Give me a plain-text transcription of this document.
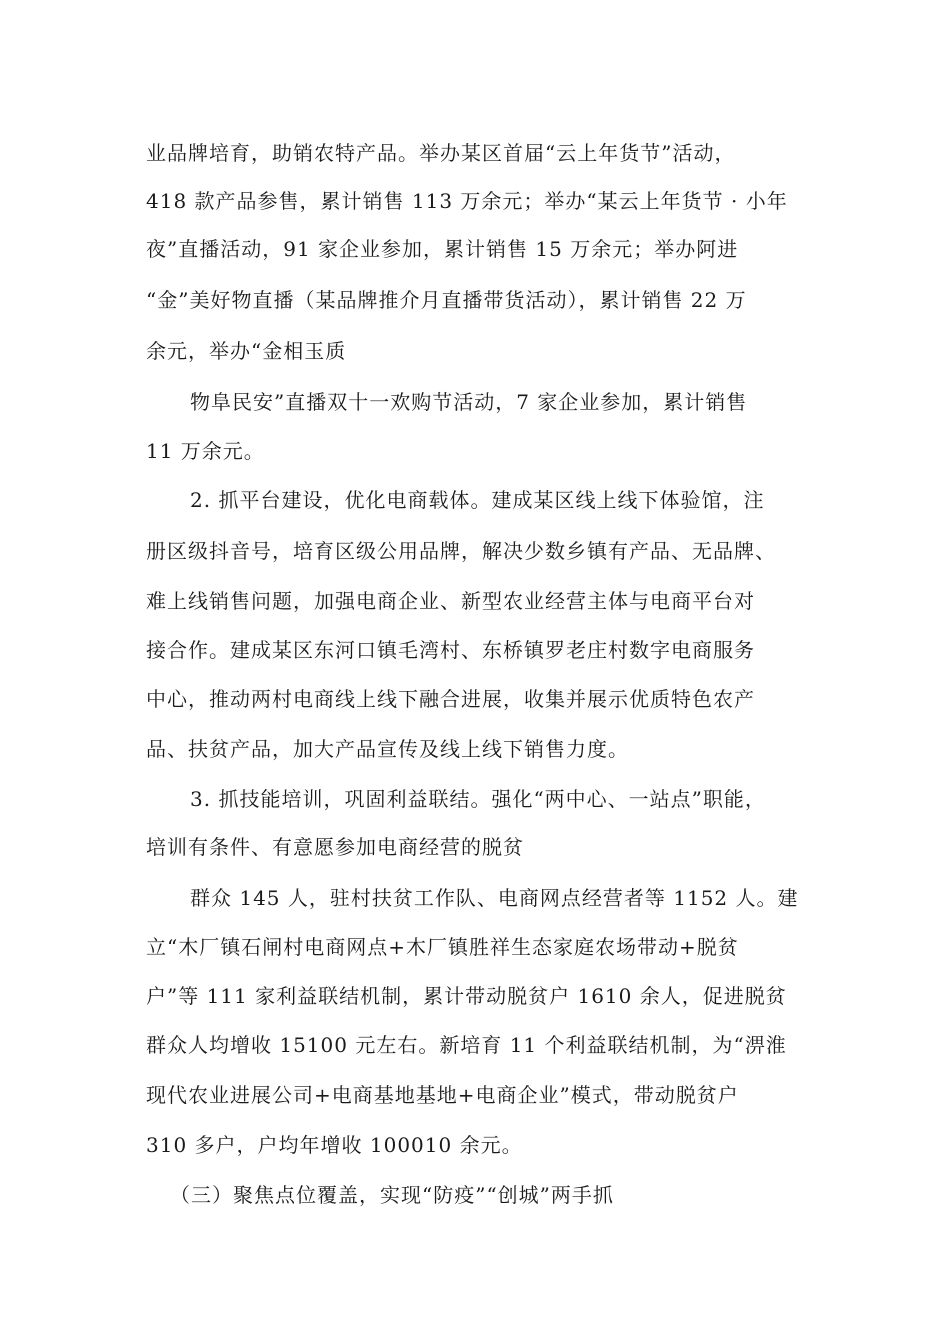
业品牌培育，助销农特产品。举办某区首届“云上年货节”活动，
418 款产品参售，累计销售 113 万余元；举办“某云上年货节 · 小年
夜”直播活动，91 家企业参加，累计销售 15 万余元；举办阿进
“金”美好物直播（某品牌推介月直播带货活动），累计销售 22 万
余元，举办“金相玉质
物阜民安”直播双十一欢购节活动，7 家企业参加，累计销售
11 万余元。
2. 抓平台建设，优化电商载体。建成某区线上线下体验馆，注
册区级抖音号，培育区级公用品牌，解决少数乡镇有产品、无品牌、
难上线销售问题，加强电商企业、新型农业经营主体与电商平台对
接合作。建成某区东河口镇毛湾村、东桥镇罗老庄村数字电商服务
中心，推动两村电商线上线下融合进展，收集并展示优质特色农产
品、扶贫产品，加大产品宣传及线上线下销售力度。
3. 抓技能培训，巩固利益联结。强化“两中心、一站点”职能，
培训有条件、有意愿参加电商经营的脱贫
群众 145 人，驻村扶贫工作队、电商网点经营者等 1152 人。建
立“木厂镇石闸村电商网点+木厂镇胜祥生态家庭农场带动+脱贫
户”等 111 家利益联结机制，累计带动脱贫户 1610 余人，促进脱贫
群众人均增收 15100 元左右。新培育 11 个利益联结机制，为“淠淮
现代农业进展公司+电商基地基地+电商企业”模式，带动脱贫户
310 多户，户均年增收 100010 余元。
（三）聚焦点位覆盖，实现“防疫”“创城”两手抓
